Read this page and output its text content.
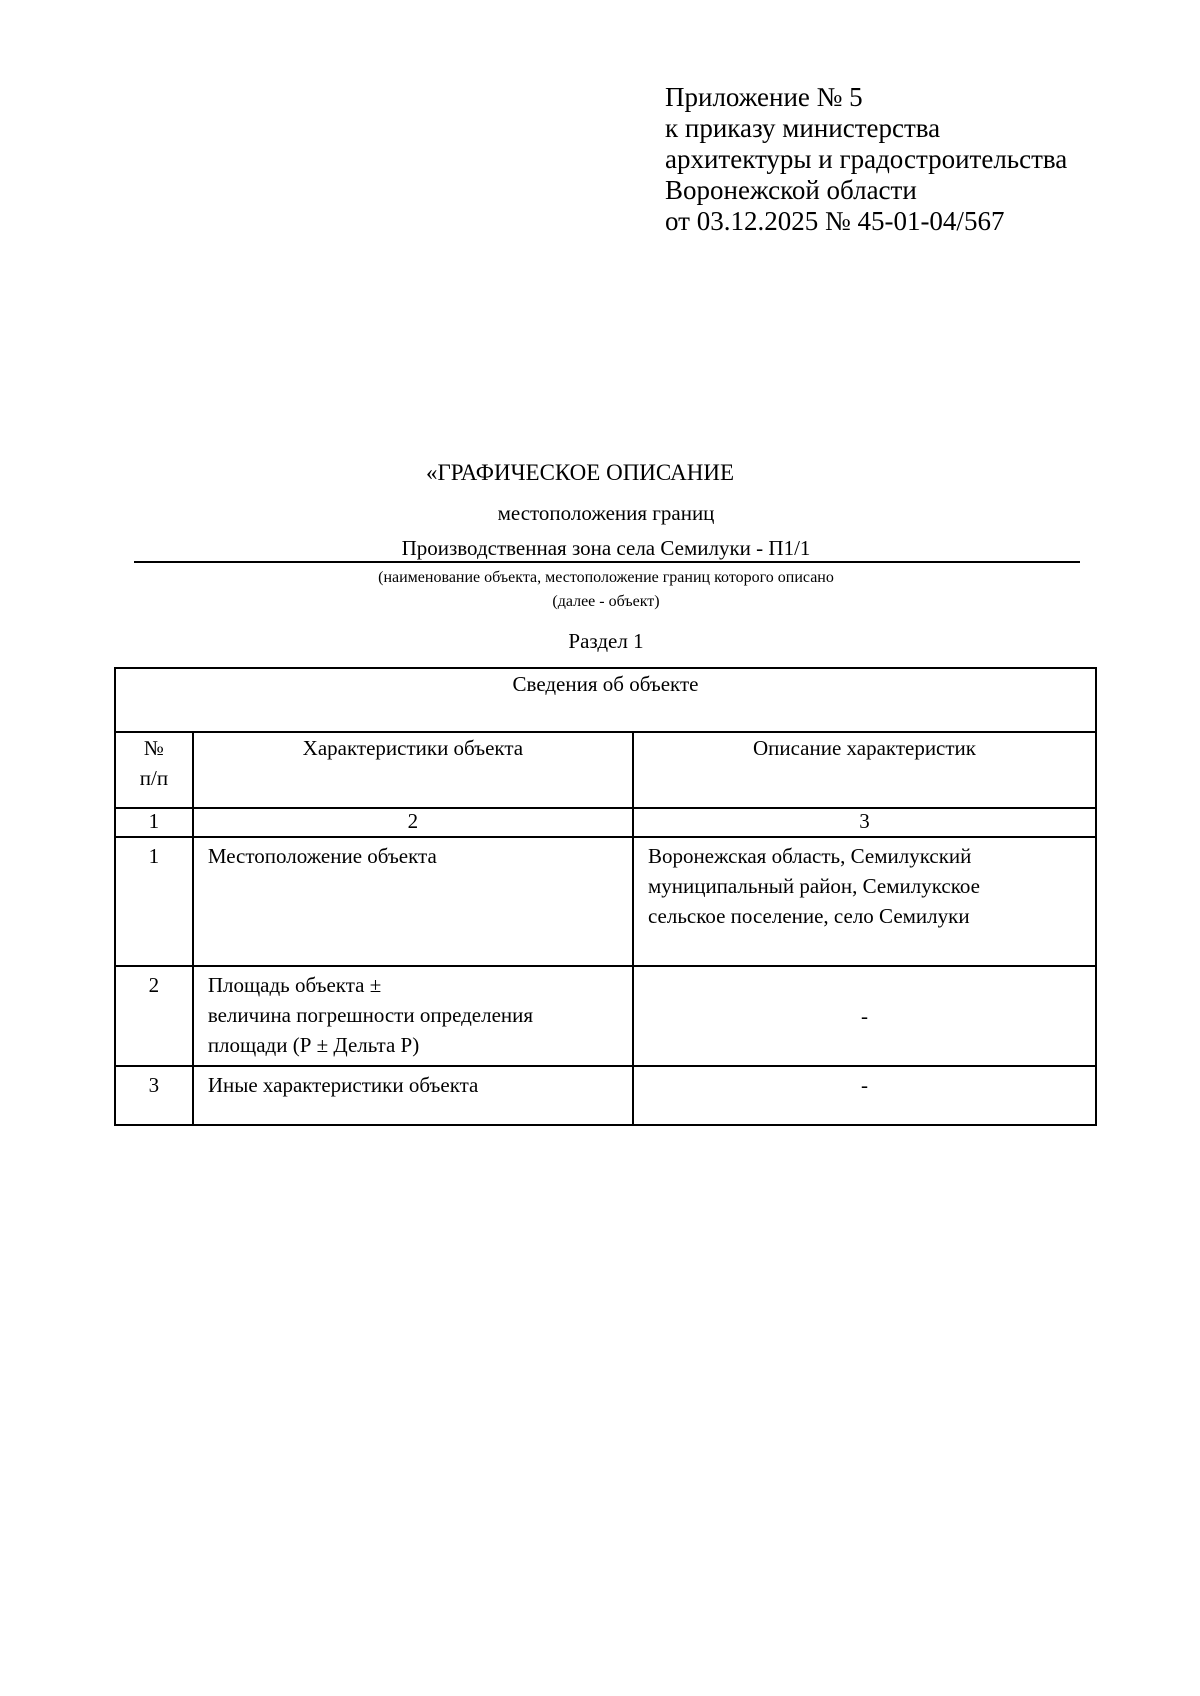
Приложение № 5
к приказу министерства
архитектуры и градостроительства
Воронежской области
от 03.12.2025 № 45-01-04/567
«ГРАФИЧЕСКОЕ ОПИСАНИЕ
местоположения границ
Производственная зона села Семилуки - П1/1
(наименование объекта, местоположение границ которого описано
(далее - объект)
Раздел 1
Сведения об объекте		

№
п/п	Характеристики объекта	Описание характеристик
1	2	3
1	Местоположение объекта	Воронежская область, Семилукский
муниципальный район, Семилукское
сельское поселение, село Семилуки

2	Площадь объекта ±
величина погрешности определения
площади (Р ± Дельта Р)	-

3	Иные характеристики объекта	-
